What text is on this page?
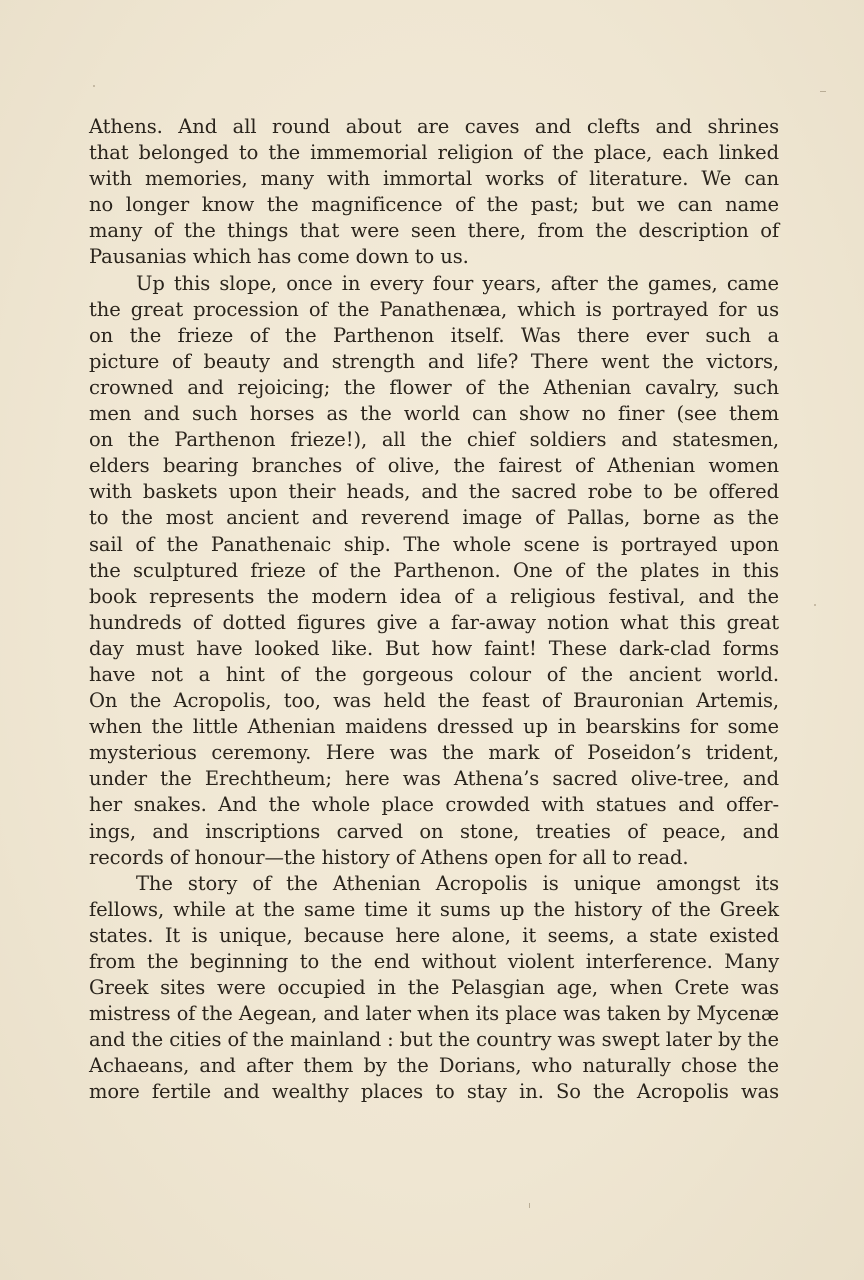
Athens. And all round about are caves and clefts and shrines
that belonged to the immemorial religion of the place, each linked
with memories, many with immortal works of literature. We can
no longer know the magnificence of the past; but we can name
many of the things that were seen there, from the description of
Pausanias which has come down to us.
Up this slope, once in every four years, after the games, came
the great procession of the Panathenæa, which is portrayed for us
on the frieze of the Parthenon itself. Was there ever such a
picture of beauty and strength and life? There went the victors,
crowned and rejoicing; the flower of the Athenian cavalry, such
men and such horses as the world can show no finer (see them
on the Parthenon frieze!), all the chief soldiers and statesmen,
elders bearing branches of olive, the fairest of Athenian women
with baskets upon their heads, and the sacred robe to be offered
to the most ancient and reverend image of Pallas, borne as the
sail of the Panathenaic ship. The whole scene is portrayed upon
the sculptured frieze of the Parthenon. One of the plates in this
book represents the modern idea of a religious festival, and the
hundreds of dotted figures give a far-away notion what this great
day must have looked like. But how faint! These dark-clad forms
have not a hint of the gorgeous colour of the ancient world.
On the Acropolis, too, was held the feast of Brauronian Artemis,
when the little Athenian maidens dressed up in bearskins for some
mysterious ceremony. Here was the mark of Poseidon’s trident,
under the Erechtheum; here was Athena’s sacred olive-tree, and
her snakes. And the whole place crowded with statues and offer-
ings, and inscriptions carved on stone, treaties of peace, and
records of honour—the history of Athens open for all to read.
The story of the Athenian Acropolis is unique amongst its
fellows, while at the same time it sums up the history of the Greek
states. It is unique, because here alone, it seems, a state existed
from the beginning to the end without violent interference. Many
Greek sites were occupied in the Pelasgian age, when Crete was
mistress of the Aegean, and later when its place was taken by Mycenæ
and the cities of the mainland : but the country was swept later by the
Achaeans, and after them by the Dorians, who naturally chose the
more fertile and wealthy places to stay in. So the Acropolis was
